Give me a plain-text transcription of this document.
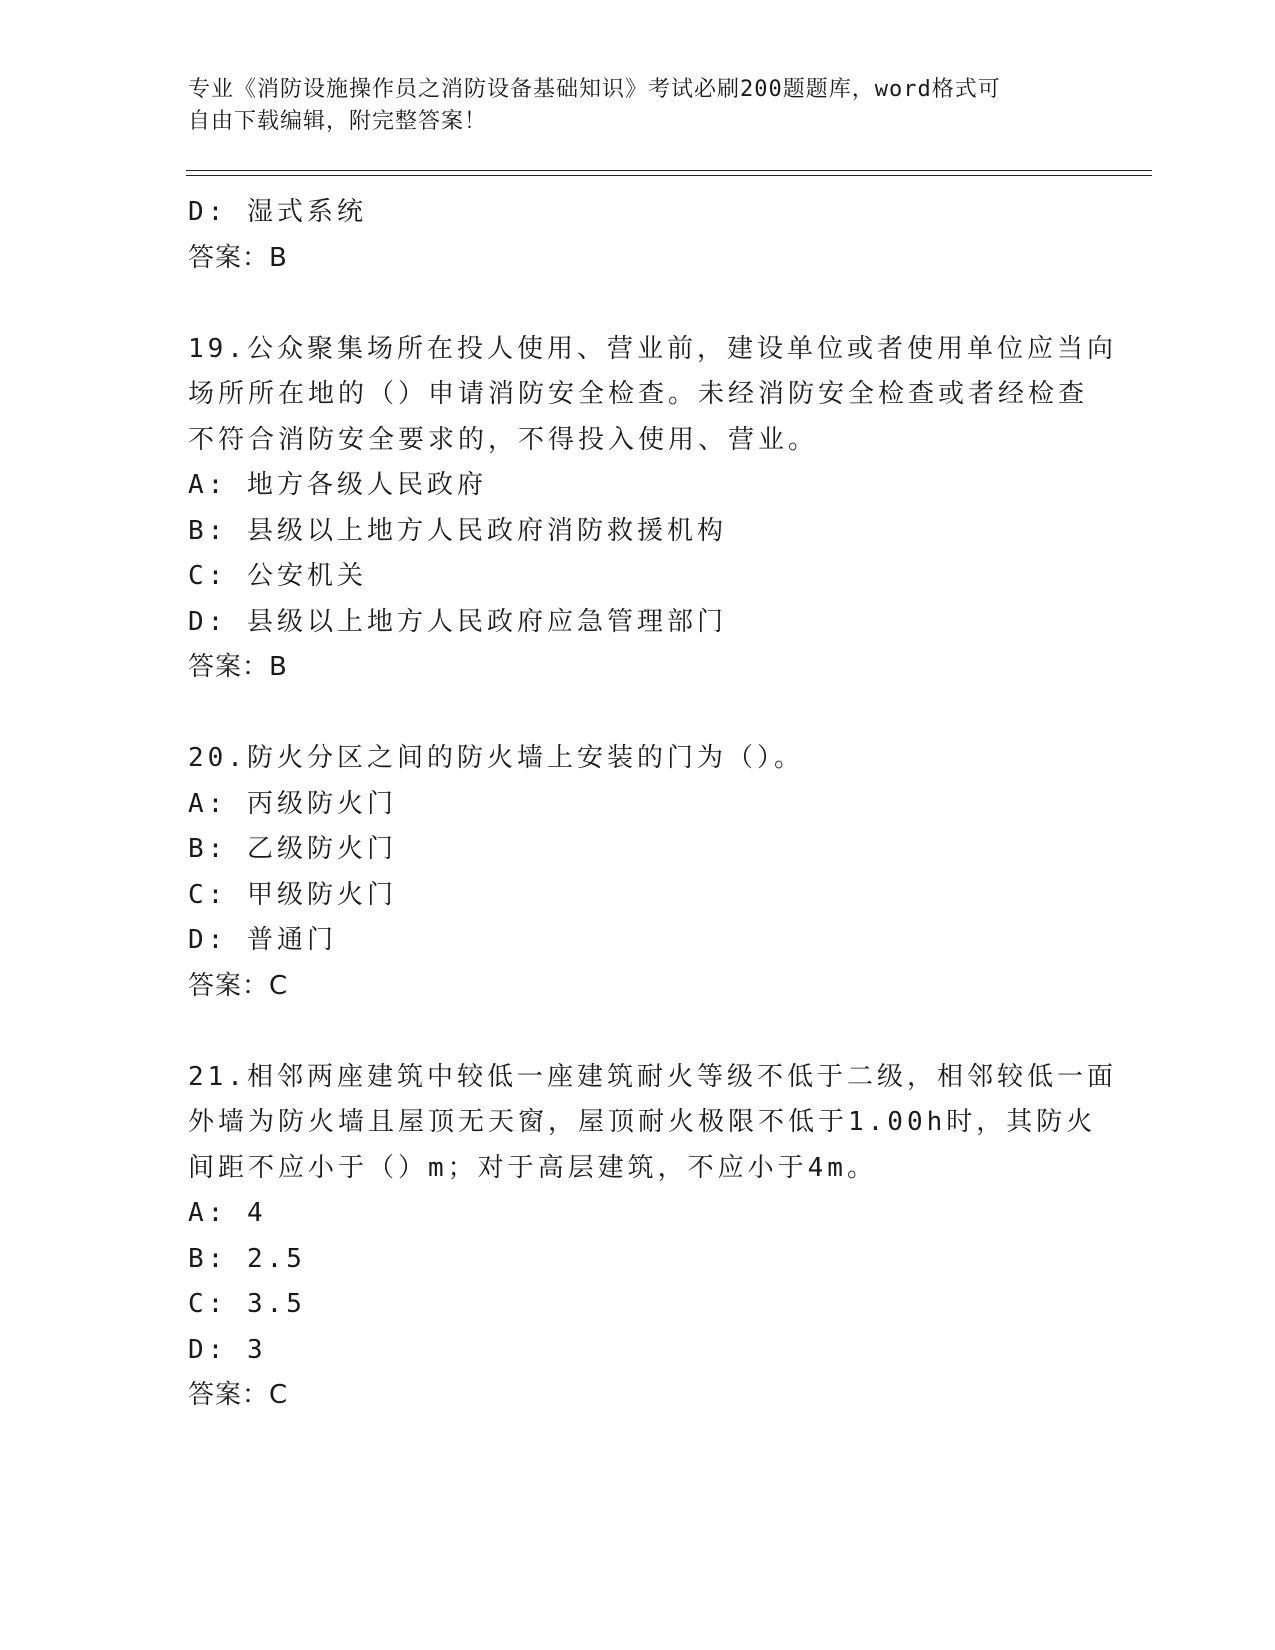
专业《消防设施操作员之消防设备基础知识》考试必刷200题题库，word格式可
自由下载编辑，附完整答案！
D: 湿式系统
答案：B
19.公众聚集场所在投人使用、营业前，建设单位或者使用单位应当向
场所所在地的（）申请消防安全检查。未经消防安全检查或者经检查
不符合消防安全要求的，不得投入使用、营业。
A: 地方各级人民政府
B: 县级以上地方人民政府消防救援机构
C: 公安机关
D: 县级以上地方人民政府应急管理部门
答案：B
20.防火分区之间的防火墙上安装的门为（）。
A: 丙级防火门
B: 乙级防火门
C: 甲级防火门
D: 普通门
答案：C
21.相邻两座建筑中较低一座建筑耐火等级不低于二级，相邻较低一面
外墙为防火墙且屋顶无天窗，屋顶耐火极限不低于1.00h时，其防火
间距不应小于（）m；对于高层建筑，不应小于4m。
A: 4
B: 2.5
C: 3.5
D: 3
答案：C
